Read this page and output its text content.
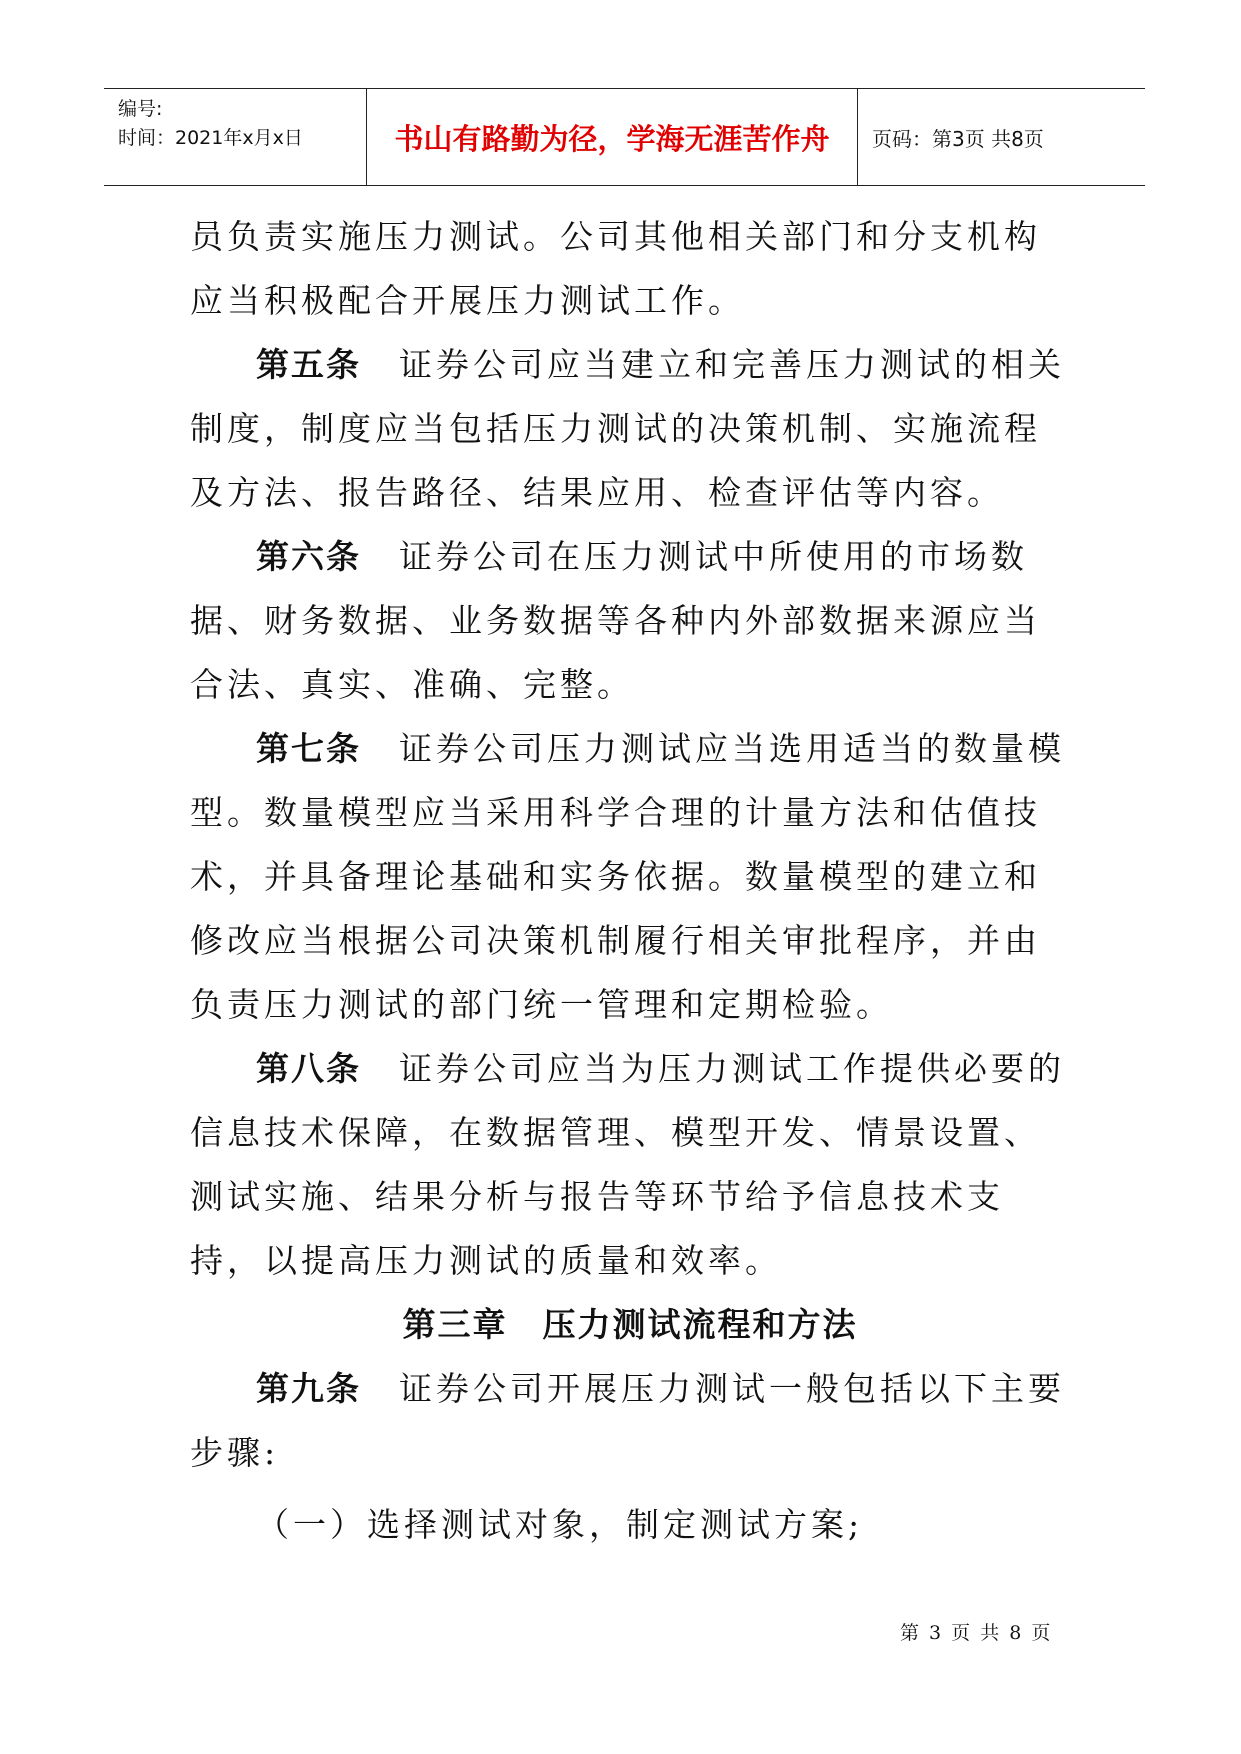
编号:
时间：2021年x月x日	书山有路勤为径，学海无涯苦作舟	页码：第3页 共8页

员负责实施压力测试。公司其他相关部门和分支机构应当积极配合开展压力测试工作。

第五条 证券公司应当建立和完善压力测试的相关制度，制度应当包括压力测试的决策机制、实施流程及方法、报告路径、结果应用、检查评估等内容。

第六条 证券公司在压力测试中所使用的市场数据、财务数据、业务数据等各种内外部数据来源应当合法、真实、准确、完整。

第七条 证券公司压力测试应当选用适当的数量模型。数量模型应当采用科学合理的计量方法和估值技术，并具备理论基础和实务依据。数量模型的建立和修改应当根据公司决策机制履行相关审批程序，并由负责压力测试的部门统一管理和定期检验。

第八条 证券公司应当为压力测试工作提供必要的信息技术保障，在数据管理、模型开发、情景设置、测试实施、结果分析与报告等环节给予信息技术支持，以提高压力测试的质量和效率。

第三章　压力测试流程和方法

第九条 证券公司开展压力测试一般包括以下主要步骤:

（一）选择测试对象，制定测试方案;

第 3 页 共 8 页
